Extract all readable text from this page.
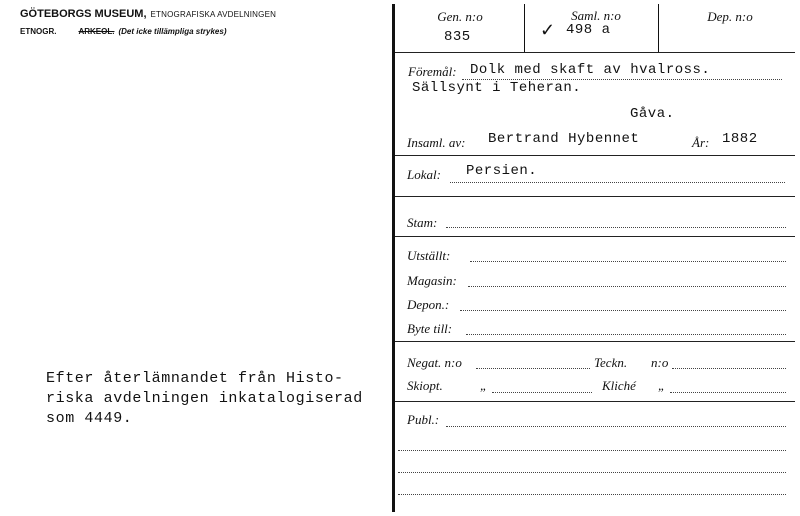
GÖTEBORGS MUSEUM, ETNOGRAFISKA AVDELNINGEN
ETNOGR.	ARKEOL. (Det icke tillämpliga strykes)
Efter återlämnandet från Histo-
riska avdelningen inkatalogiserad
som 4449.
Gen. n:o
835
Saml. n:o
✓ 498 a
Dep. n:o
Föremål: Dolk med skaft av hvalross.
Sällsynt i Teheran.
Gåva.
Insaml. av: Bertrand Hybennet	År: 1882
Lokal: Persien.
Stam:
Utställt:
Magasin:
Depon.:
Byte till:
Negat. n:o	Teckn. n:o
Skiopt.	„	Kliché „
Publ.:
